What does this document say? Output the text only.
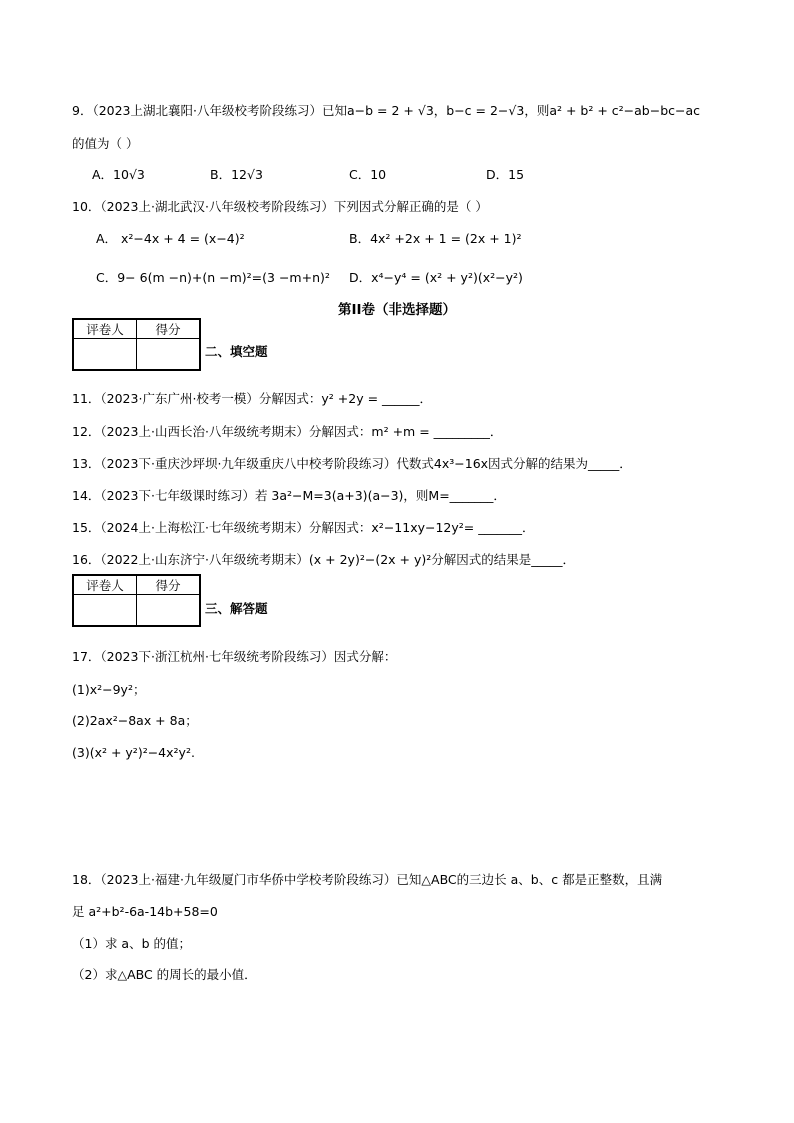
9．（2023上湖北襄阳·八年级校考阶段练习）已知a−b = 2 + √3，b−c = 2−√3，则a² + b² + c²−ab−bc−ac
的值为（ ）
A．10√3	B．12√3	C．10	D．15
10．（2023上·湖北武汉·八年级校考阶段练习）下列因式分解正确的是（ ）
A． x²−4x + 4 = (x−4)²	B．4x² +2x + 1 = (2x + 1)²
C．9− 6(m −n)+(n −m)²=(3 −m+n)² D．x⁴−y⁴ = (x² + y²)(x²−y²)
第II卷（非选择题）
评卷人	得分

二、填空题
11．（2023·广东广州·校考一模）分解因式：y² +2y = ______．
12．（2023上·山西长治·八年级统考期末）分解因式：m² +m = _________．
13．（2023下·重庆沙坪坝·九年级重庆八中校考阶段练习）代数式4x³−16x因式分解的结果为_____．
14．（2023下·七年级课时练习）若 3a²−M=3(a+3)(a−3)，则M=_______．
15．（2024上·上海松江·七年级统考期末）分解因式：x²−11xy−12y²= _______．
16．（2022上·山东济宁·八年级统考期末）(x + 2y)²−(2x + y)²分解因式的结果是_____．
评卷人	得分

三、解答题
17．（2023下·浙江杭州·七年级统考阶段练习）因式分解：
(1)x²−9y²；
(2)2ax²−8ax + 8a；
(3)(x² + y²)²−4x²y².
18．（2023上·福建·九年级厦门市华侨中学校考阶段练习）已知△ABC的三边长 a、b、c 都是正整数，且满
足 a²+b²-6a-14b+58=0
（1）求 a、b 的值；
（2）求△ABC 的周长的最小值．
